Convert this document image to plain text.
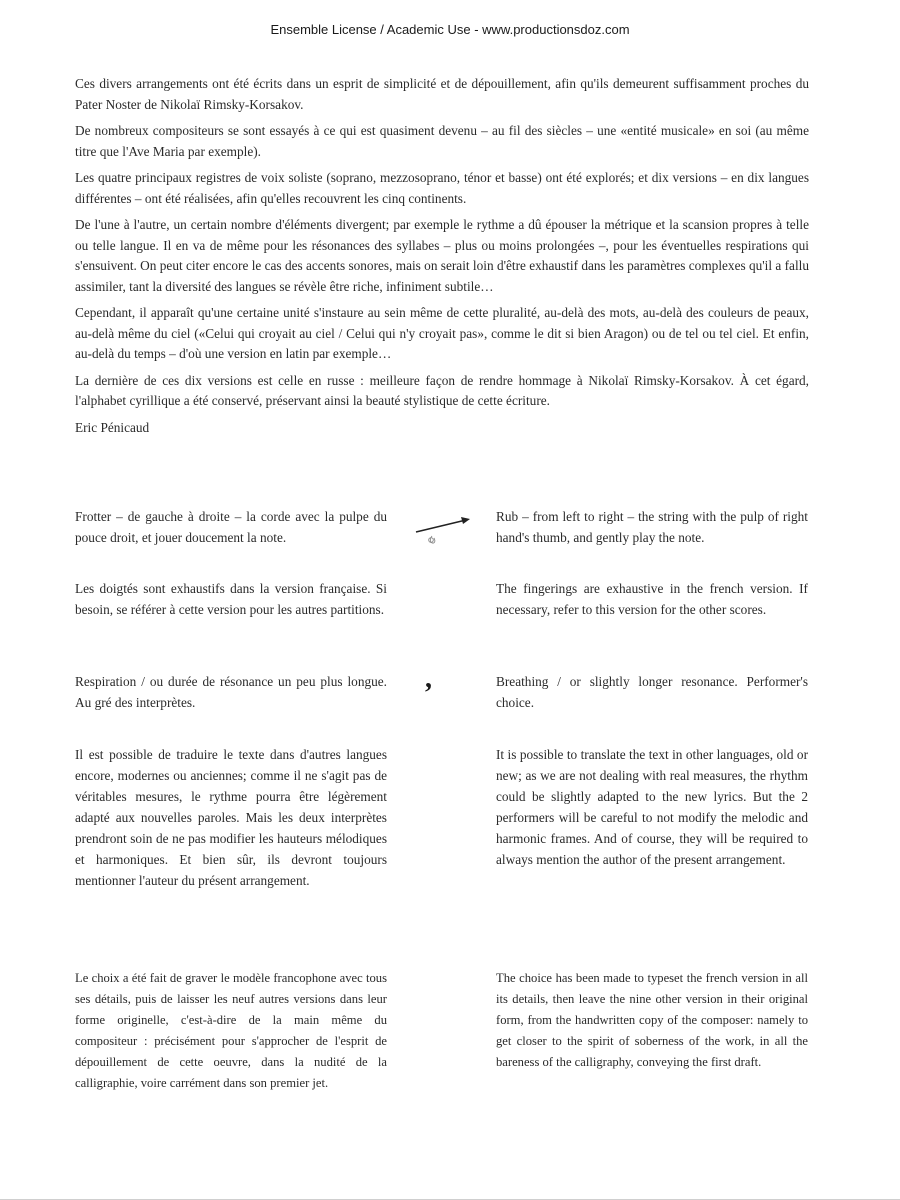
Ensemble License / Academic Use - www.productionsdoz.com

Ces divers arrangements ont été écrits dans un esprit de simplicité et de dépouillement, afin qu'ils demeurent suffisamment proches du Pater Noster de Nikolaï Rimsky-Korsakov.

De nombreux compositeurs se sont essayés à ce qui est quasiment devenu – au fil des siècles – une «entité musicale» en soi (au même titre que l'Ave Maria par exemple).

Les quatre principaux registres de voix soliste (soprano, mezzosoprano, ténor et basse) ont été explorés; et dix versions – en dix langues différentes – ont été réalisées, afin qu'elles recouvrent les cinq continents.

De l'une à l'autre, un certain nombre d'éléments divergent; par exemple le rythme a dû épouser la métrique et la scansion propres à telle ou telle langue. Il en va de même pour les résonances des syllabes – plus ou moins prolongées –, pour les éventuelles respirations qui s'ensuivent. On peut citer encore le cas des accents sonores, mais on serait loin d'être exhaustif dans les paramètres complexes qu'il a fallu assimiler, tant la diversité des langues se révèle être riche, infiniment subtile…

Cependant, il apparaît qu'une certaine unité s'instaure au sein même de cette pluralité, au-delà des mots, au-delà des couleurs de peaux, au-delà même du ciel («Celui qui croyait au ciel / Celui qui n'y croyait pas», comme le dit si bien Aragon) ou de tel ou tel ciel. Et enfin, au-delà du temps – d'où une version en latin par exemple…

La dernière de ces dix versions est celle en russe : meilleure façon de rendre hommage à Nikolaï Rimsky-Korsakov. À cet égard, l'alphabet cyrillique a été conservé, préservant ainsi la beauté stylistique de cette écriture.

Eric Pénicaud

Frotter – de gauche à droite – la corde avec la pulpe du pouce droit, et jouer doucement la note.
Rub – from left to right – the string with the pulp of right hand's thumb, and gently play the note.
Les doigtés sont exhaustifs dans la version française. Si besoin, se référer à cette version pour les autres partitions.
The fingerings are exhaustive in the french version. If necessary, refer to this version for the other scores.
Respiration / ou durée de résonance un peu plus longue. Au gré des interprètes.
,	Breathing / or slightly longer resonance. Performer's choice.
Il est possible de traduire le texte dans d'autres langues encore, modernes ou anciennes; comme il ne s'agit pas de véritables mesures, le rythme pourra être légèrement adapté aux nouvelles paroles. Mais les deux interprètes prendront soin de ne pas modifier les hauteurs mélodiques et harmoniques. Et bien sûr, ils devront toujours mentionner l'auteur du présent arrangement.
It is possible to translate the text in other languages, old or new; as we are not dealing with real measures, the rhythm could be slightly adapted to the new lyrics. But the 2 performers will be careful to not modify the melodic and harmonic frames. And of course, they will be required to always mention the author of the present arrangement.
Le choix a été fait de graver le modèle francophone avec tous ses détails, puis de laisser les neuf autres versions dans leur forme originelle, c'est-à-dire de la main même du compositeur : précisément pour s'approcher de l'esprit de dépouillement de cette oeuvre, dans la nudité de la calligraphie, voire carrément dans son premier jet.
The choice has been made to typeset the french version in all its details, then leave the nine other version in their original form, from the handwritten copy of the composer: namely to get closer to the spirit of soberness of the work, in all the bareness of the calligraphy, conveying the first draft.
